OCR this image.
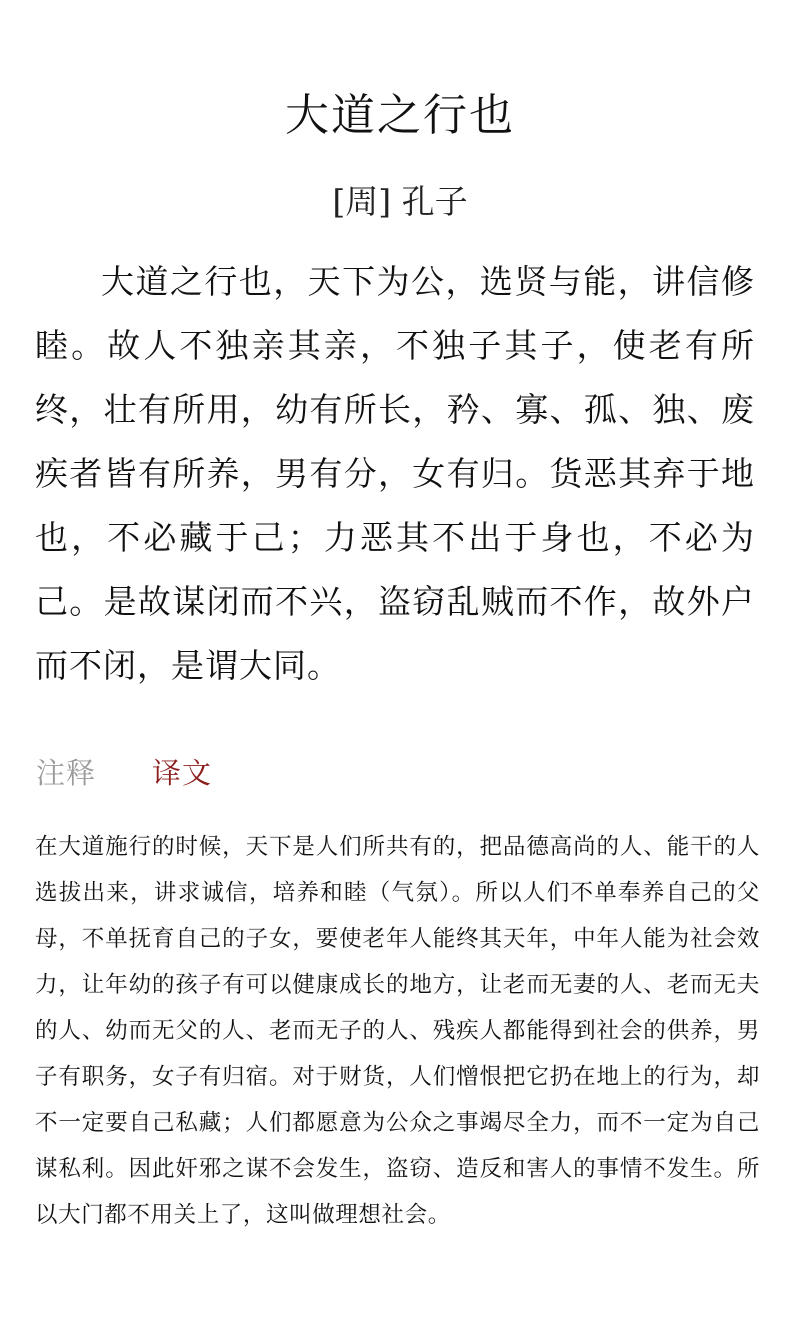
大道之行也
[周] 孔子
大道之行也，天下为公，选贤与能，讲信修睦。故人不独亲其亲，不独子其子，使老有所终，壮有所用，幼有所长，矜、寡、孤、独、废疾者皆有所养，男有分，女有归。货恶其弃于地也，不必藏于己；力恶其不出于身也，不必为己。是故谋闭而不兴，盗窃乱贼而不作，故外户而不闭，是谓大同。
注释 译文
在大道施行的时候，天下是人们所共有的，把品德高尚的人、能干的人选拔出来，讲求诚信，培养和睦（气氛）。所以人们不单奉养自己的父母，不单抚育自己的子女，要使老年人能终其天年，中年人能为社会效力，让年幼的孩子有可以健康成长的地方，让老而无妻的人、老而无夫的人、幼而无父的人、老而无子的人、残疾人都能得到社会的供养，男子有职务，女子有归宿。对于财货，人们憎恨把它扔在地上的行为，却不一定要自己私藏；人们都愿意为公众之事竭尽全力，而不一定为自己谋私利。因此奸邪之谋不会发生，盗窃、造反和害人的事情不发生。所以大门都不用关上了，这叫做理想社会。
